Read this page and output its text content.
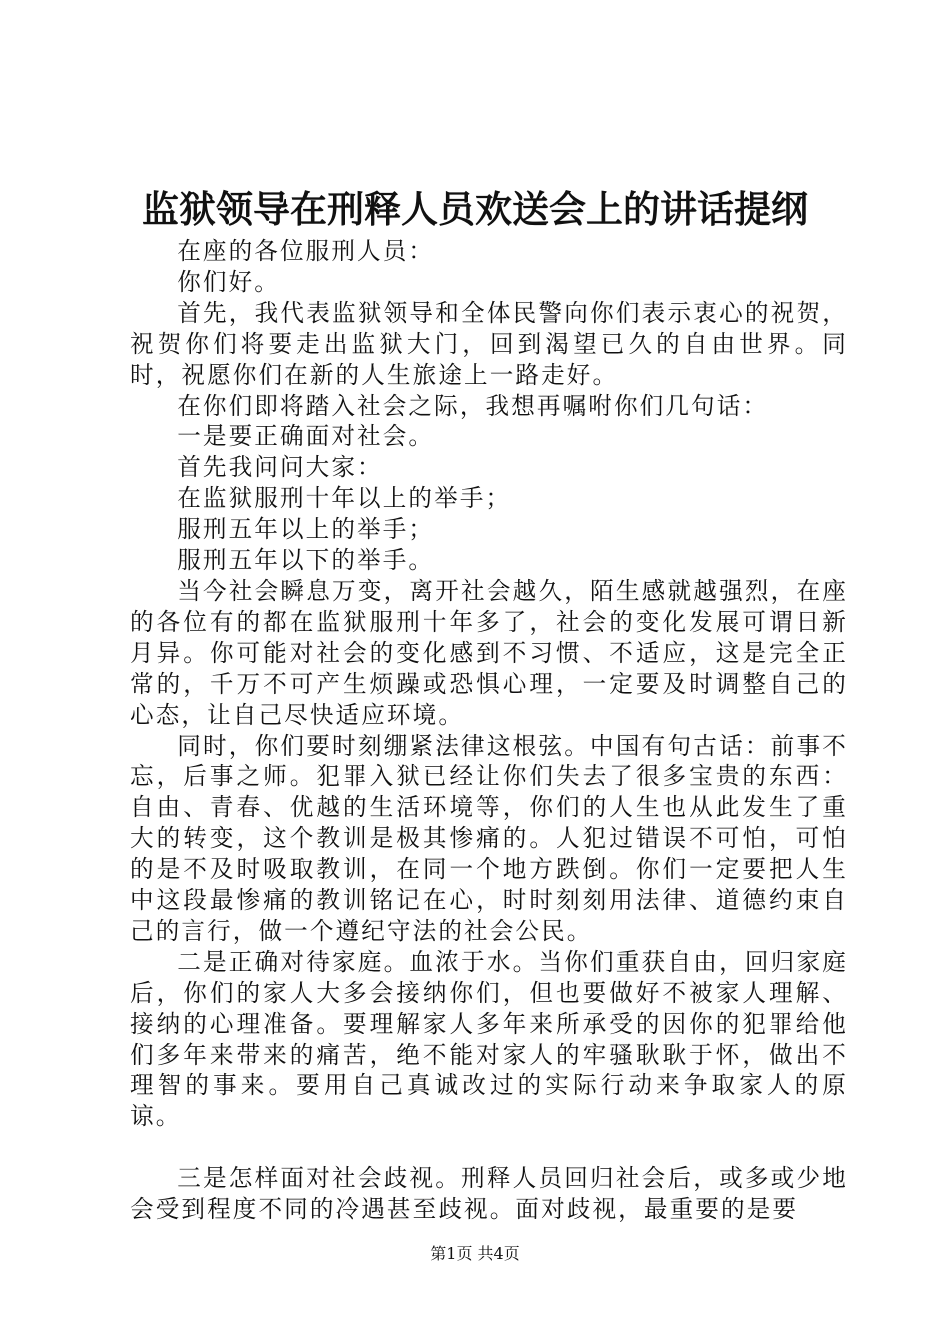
监狱领导在刑释人员欢送会上的讲话提纲

在座的各位服刑人员：

你们好。

首先，我代表监狱领导和全体民警向你们表示衷心的祝贺，祝贺你们将要走出监狱大门，回到渴望已久的自由世界。同时，祝愿你们在新的人生旅途上一路走好。

在你们即将踏入社会之际，我想再嘱咐你们几句话：

一是要正确面对社会。

首先我问问大家：

在监狱服刑十年以上的举手；

服刑五年以上的举手；

服刑五年以下的举手。

当今社会瞬息万变，离开社会越久，陌生感就越强烈，在座的各位有的都在监狱服刑十年多了，社会的变化发展可谓日新月异。你可能对社会的变化感到不习惯、不适应，这是完全正常的，千万不可产生烦躁或恐惧心理，一定要及时调整自己的心态，让自己尽快适应环境。

同时，你们要时刻绷紧法律这根弦。中国有句古话：前事不忘，后事之师。犯罪入狱已经让你们失去了很多宝贵的东西：自由、青春、优越的生活环境等，你们的人生也从此发生了重大的转变，这个教训是极其惨痛的。人犯过错误不可怕，可怕的是不及时吸取教训，在同一个地方跌倒。你们一定要把人生中这段最惨痛的教训铭记在心，时时刻刻用法律、道德约束自己的言行，做一个遵纪守法的社会公民。

二是正确对待家庭。血浓于水。当你们重获自由，回归家庭后，你们的家人大多会接纳你们，但也要做好不被家人理解、接纳的心理准备。要理解家人多年来所承受的因你的犯罪给他们多年来带来的痛苦，绝不能对家人的牢骚耿耿于怀，做出不理智的事来。要用自己真诚改过的实际行动来争取家人的原谅。

三是怎样面对社会歧视。刑释人员回归社会后，或多或少地会受到程度不同的冷遇甚至歧视。面对歧视，最重要的是要

第1页 共4页
